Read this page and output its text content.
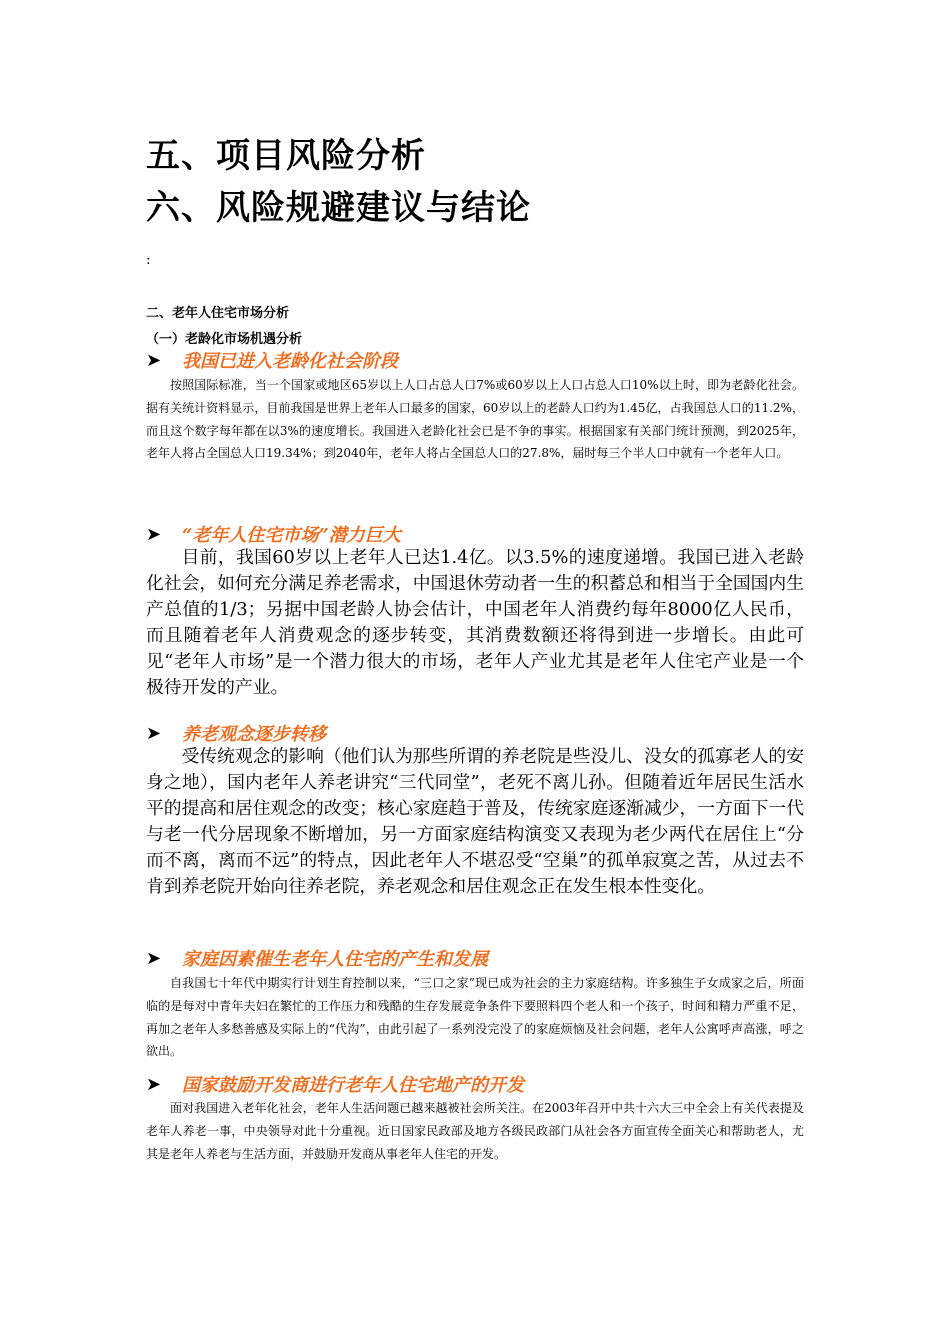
五、项目风险分析
六、风险规避建议与结论
:
二、老年人住宅市场分析
（一）老龄化市场机遇分析
➤	我国已进入老龄化社会阶段

按照国际标准，当一个国家或地区65岁以上人口占总人口7%或60岁以上人口占总人口10%以上时，即为老龄化社会。据有关统计资料显示，目前我国是世界上老年人口最多的国家，60岁以上的老龄人口约为1.45亿，占我国总人口的11.2%，而且这个数字每年都在以3%的速度增长。我国进入老龄化社会已是不争的事实。根据国家有关部门统计预测，到2025年，老年人将占全国总人口19.34%；到2040年，老年人将占全国总人口的27.8%，届时每三个半人口中就有一个老年人口。

➤	“老年人住宅市场”潜力巨大

目前，我国60岁以上老年人已达1.4亿。以3.5%的速度递增。我国已进入老龄化社会，如何充分满足养老需求，中国退休劳动者一生的积蓄总和相当于全国国内生产总值的1/3；另据中国老龄人协会估计，中国老年人消费约每年8000亿人民币，而且随着老年人消费观念的逐步转变，其消费数额还将得到进一步增长。由此可见“老年人市场”是一个潜力很大的市场，老年人产业尤其是老年人住宅产业是一个极待开发的产业。

➤	养老观念逐步转移

受传统观念的影响（他们认为那些所谓的养老院是些没儿、没女的孤寡老人的安身之地），国内老年人养老讲究“三代同堂”，老死不离儿孙。但随着近年居民生活水平的提高和居住观念的改变；核心家庭趋于普及，传统家庭逐渐减少，一方面下一代与老一代分居现象不断增加，另一方面家庭结构演变又表现为老少两代在居住上“分而不离，离而不远”的特点，因此老年人不堪忍受“空巢”的孤单寂寞之苦，从过去不肯到养老院开始向往养老院，养老观念和居住观念正在发生根本性变化。

➤	家庭因素催生老年人住宅的产生和发展

自我国七十年代中期实行计划生育控制以来，“三口之家”现已成为社会的主力家庭结构。许多独生子女成家之后，所面临的是每对中青年夫妇在繁忙的工作压力和残酷的生存发展竞争条件下要照料四个老人和一个孩子，时间和精力严重不足，再加之老年人多愁善感及实际上的“代沟”，由此引起了一系列没完没了的家庭烦恼及社会问题，老年人公寓呼声高涨，呼之欲出。

➤	国家鼓励开发商进行老年人住宅地产的开发

面对我国进入老年化社会，老年人生活问题已越来越被社会所关注。在2003年召开中共十六大三中全会上有关代表提及老年人养老一事，中央领导对此十分重视。近日国家民政部及地方各级民政部门从社会各方面宣传全面关心和帮助老人，尤其是老年人养老与生活方面，并鼓励开发商从事老年人住宅的开发。
